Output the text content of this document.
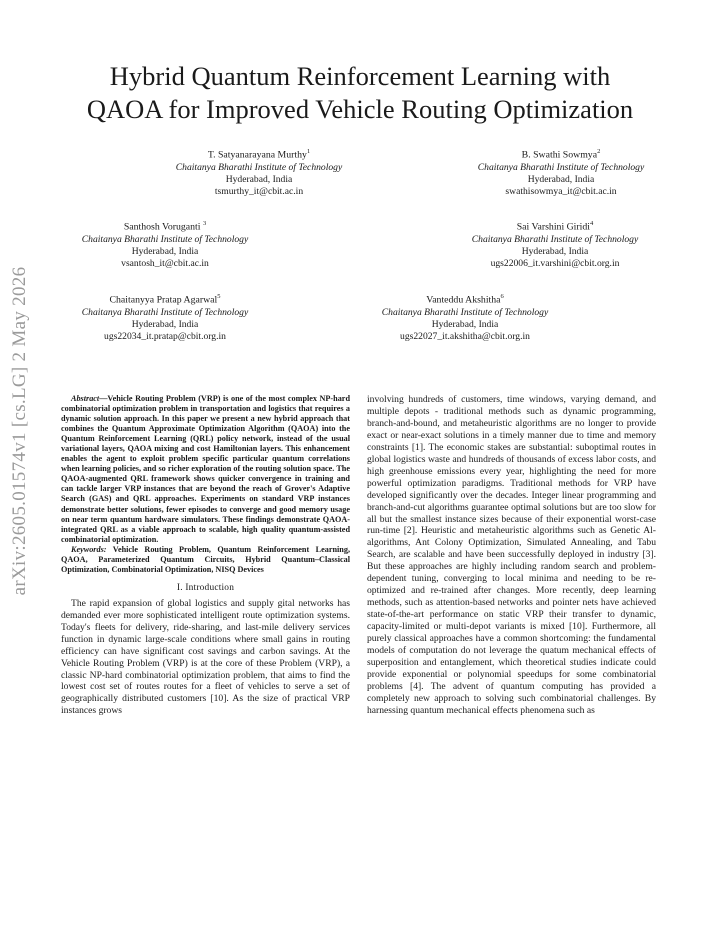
arXiv:2605.01574v1 [cs.LG] 2 May 2026
Hybrid Quantum Reinforcement Learning with
QAOA for Improved Vehicle Routing Optimization
T. Satyanarayana Murthy$^1$
Chaitanya Bharathi Institute of Technology
Hyderabad, India
tsmurthy_it@cbit.ac.in
B. Swathi Sowmya$^2$
Chaitanya Bharathi Institute of Technology
Hyderabad, India
swathisowmya_it@cbit.ac.in
Santhosh Voruganti $^3$
Chaitanya Bharathi Institute of Technology
Hyderabad, India
vsantosh_it@cbit.ac.in
Sai Varshini Giridi$^4$
Chaitanya Bharathi Institute of Technology
Hyderabad, India
ugs22006_it.varshini@cbit.org.in
Chaitanyya Pratap Agarwal$^5$
Chaitanya Bharathi Institute of Technology
Hyderabad, India
ugs22034_it.pratap@cbit.org.in
Vanteddu Akshitha$^6$
Chaitanya Bharathi Institute of Technology
Hyderabad, India
ugs22027_it.akshitha@cbit.org.in

Abstract—Vehicle Routing Problem (VRP) is one of the most complex NP-hard combinatorial optimization problem in transportation and logistics that requires a dynamic solution approach. In this paper we present a new hybrid approach that combines the Quantum Approximate Optimization Algorithm (QAOA) into the Quantum Reinforcement Learning (QRL) policy network, instead of the usual variational layers, QAOA mixing and cost Hamiltonian layers. This enhancement enables the agent to exploit problem specific particular quantum correlations when learning policies, and so richer exploration of the routing solution space. The QAOA-augmented QRL framework shows quicker convergence in training and can tackle larger VRP instances that are beyond the reach of Grover's Adaptive Search (GAS) and QRL approaches. Experiments on standard VRP instances demonstrate better solutions, fewer episodes to converge and good memory usage on near term quantum hardware simulators. These findings demonstrate QAOA- integrated QRL as a viable approach to scalable, high quality quantum-assisted combinatorial optimization.

Keywords: Vehicle Routing Problem, Quantum Reinforcement Learning, QAOA, Parameterized Quantum Circuits, Hybrid Quantum–Classical Optimization, Combinatorial Optimization, NISQ Devices

I. Introduction

The rapid expansion of global logistics and supply gital networks has demanded ever more sophisticated intelligent route optimization systems. Today's fleets for delivery, ride-sharing, and last-mile delivery services function in dynamic large-scale conditions where small gains in routing efficiency can have significant cost savings and carbon savings. At the Vehicle Routing Problem (VRP) is at the core of these Problem (VRP), a classic NP-hard combinatorial optimization problem, that aims to find the lowest cost set of routes routes for a fleet of vehicles to serve a set of geographically distributed customers [10]. As the size of practical VRP instances grows

involving hundreds of customers, time windows, varying demand, and multiple depots - traditional methods such as dynamic programming, branch-and-bound, and metaheuristic algorithms are no longer to provide exact or near-exact solutions in a timely manner due to time and memory constraints [1]. The economic stakes are substantial: suboptimal routes in global logistics waste and hundreds of thousands of excess labor costs, and high greenhouse emissions every year, highlighting the need for more powerful optimization paradigms. Traditional methods for VRP have developed significantly over the decades. Integer linear programming and branch-and-cut algorithms guarantee optimal solutions but are too slow for all but the smallest instance sizes because of their exponential worst-case run-time [2]. Heuristic and metaheuristic algorithms such as Genetic Al- algorithms, Ant Colony Optimization, Simulated Annealing, and Tabu Search, are scalable and have been successfully deployed in industry [3]. But these approaches are highly including random search and problem-dependent tuning, converging to local minima and needing to be re-optimized and re-trained after changes. More recently, deep learning methods, such as attention-based networks and pointer nets have achieved state-of-the-art performance on static VRP their transfer to dynamic, capacity-limited or multi-depot variants is mixed [10]. Furthermore, all purely classical approaches have a common shortcoming: the fundamental models of computation do not leverage the quatum mechanical effects of superposition and entanglement, which theoretical studies indicate could provide exponential or polynomial speedups for some combinatorial problems [4]. The advent of quantum computing has provided a completely new approach to solving such combinatorial challenges. By harnessing quantum mechanical effects phenomena such as
